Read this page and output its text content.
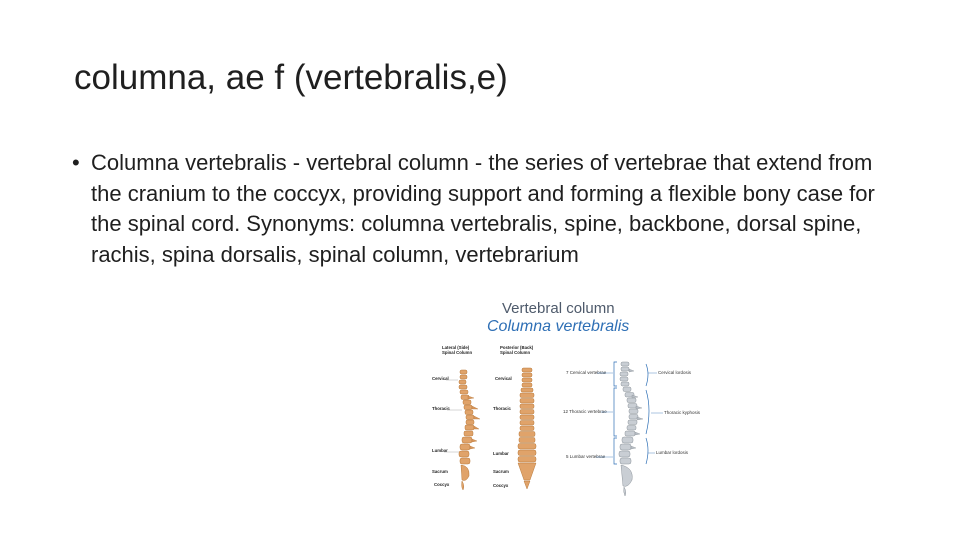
columna, ae f (vertebralis,e)
• Columna vertebralis - vertebral column - the series of vertebrae that extend from the cranium to the coccyx, providing support and forming a flexible bony case for the spinal cord. Synonyms: columna vertebralis, spine, backbone, dorsal spine, rachis, spina dorsalis, spinal column, vertebrarium
Vertebral column
Columna vertebralis
Lateral (Side)
Spinal Column
Posterior (Back)
Spinal Column
Cervical
Thoracic
Lumbar
Sacrum
Coccyx
Cervical
Thoracic
Lumbar
Sacrum
Coccyx
7 Cervical vertebrae
12 Thoracic vertebrae
5 Lumbar vertebrae
Cervical lordosis
Thoracic kyphosis
Lumbar lordosis
